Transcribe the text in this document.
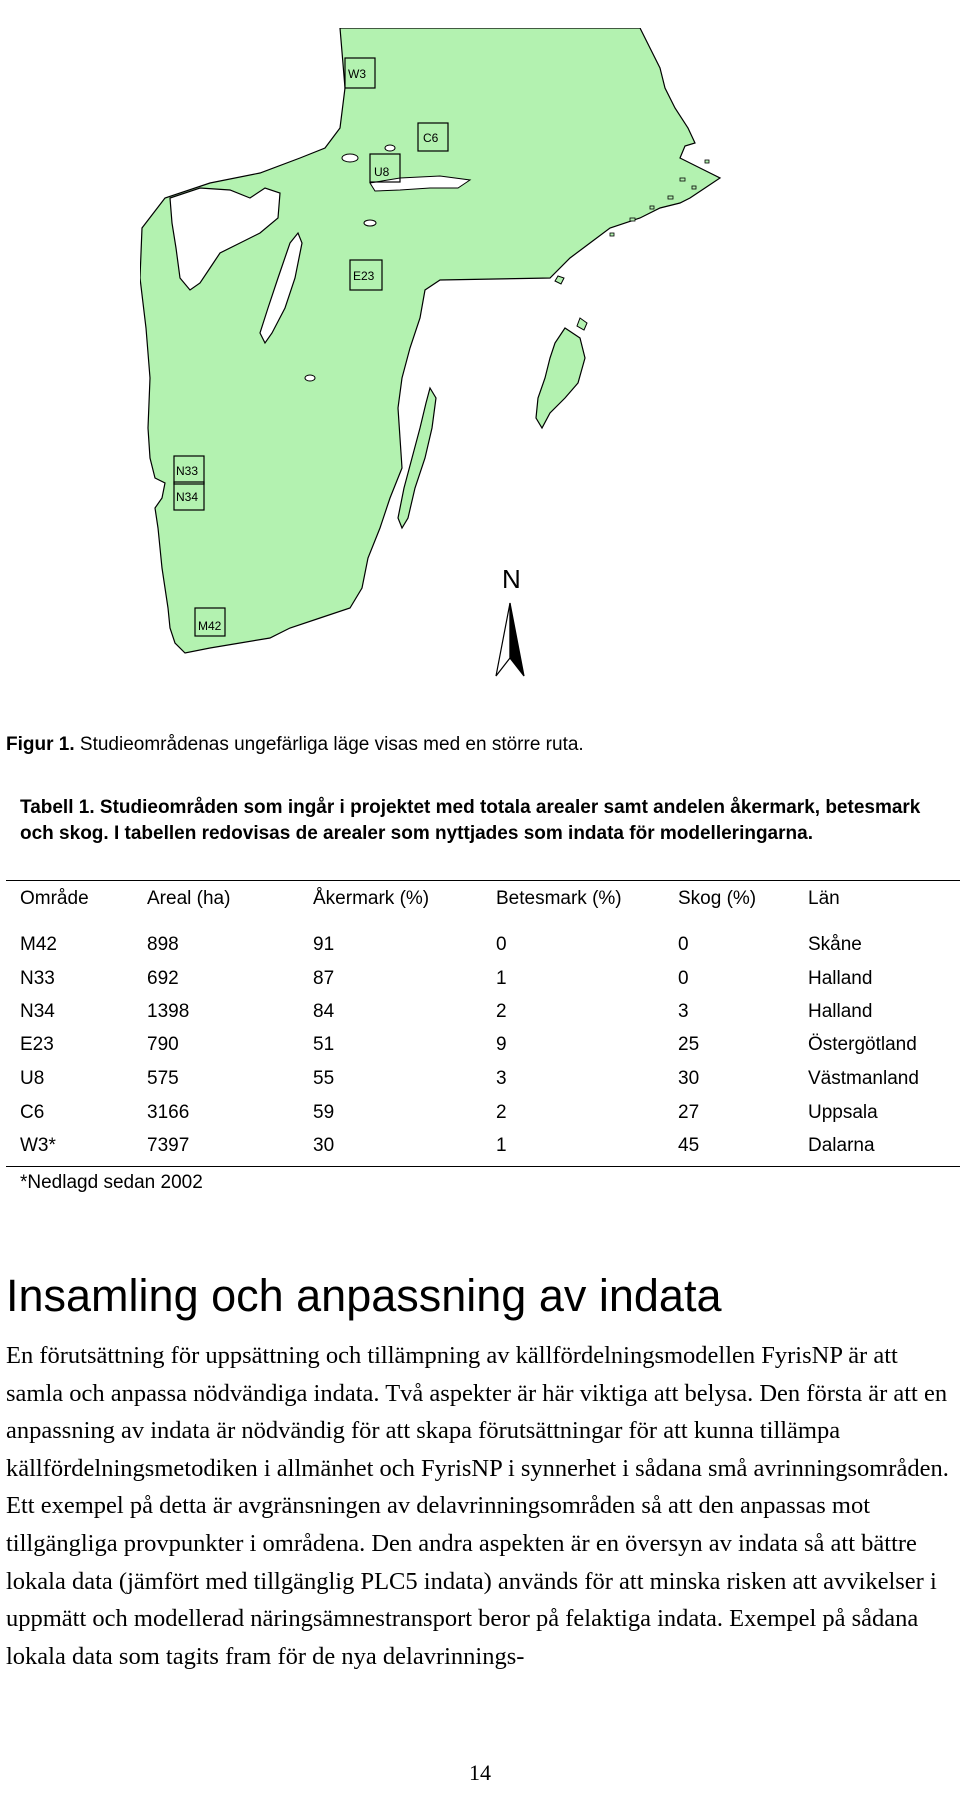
W3
C6
U8
E23
N33
N34
M42
N
Figur 1. Studieområdenas ungefärliga läge visas med en större ruta.
Tabell 1. Studieområden som ingår i projektet med totala arealer samt andelen åkermark, betesmark och skog. I tabellen redovisas de arealer som nyttjades som indata för modelleringarna.
Område	Areal (ha)	Åkermark (%)	Betesmark (%)	Skog (%)	Län
M42	898	91	0	0	Skåne
N33	692	87	1	0	Halland
N34	1398	84	2	3	Halland
E23	790	51	9	25	Östergötland
U8	575	55	3	30	Västmanland
C6	3166	59	2	27	Uppsala
W3*	7397	30	1	45	Dalarna
*Nedlagd sedan 2002
Insamling och anpassning av indata

En förutsättning för uppsättning och tillämpning av källfördelningsmodellen FyrisNP är att samla och anpassa nödvändiga indata. Två aspekter är här viktiga att belysa. Den första är att en anpassning av indata är nödvändig för att skapa förutsättningar för att kunna tillämpa källfördelningsmetodiken i allmänhet och FyrisNP i synnerhet i sådana små avrinningsområden. Ett exempel på detta är avgränsningen av delavrinningsområden så att den anpassas mot tillgängliga provpunkter i områdena. Den andra aspekten är en översyn av indata så att bättre lokala data (jämfört med tillgänglig PLC5 indata) används för att minska risken att avvikelser i uppmätt och modellerad näringsämnestransport beror på felaktiga indata. Exempel på sådana lokala data som tagits fram för de nya delavrinnings-

14
